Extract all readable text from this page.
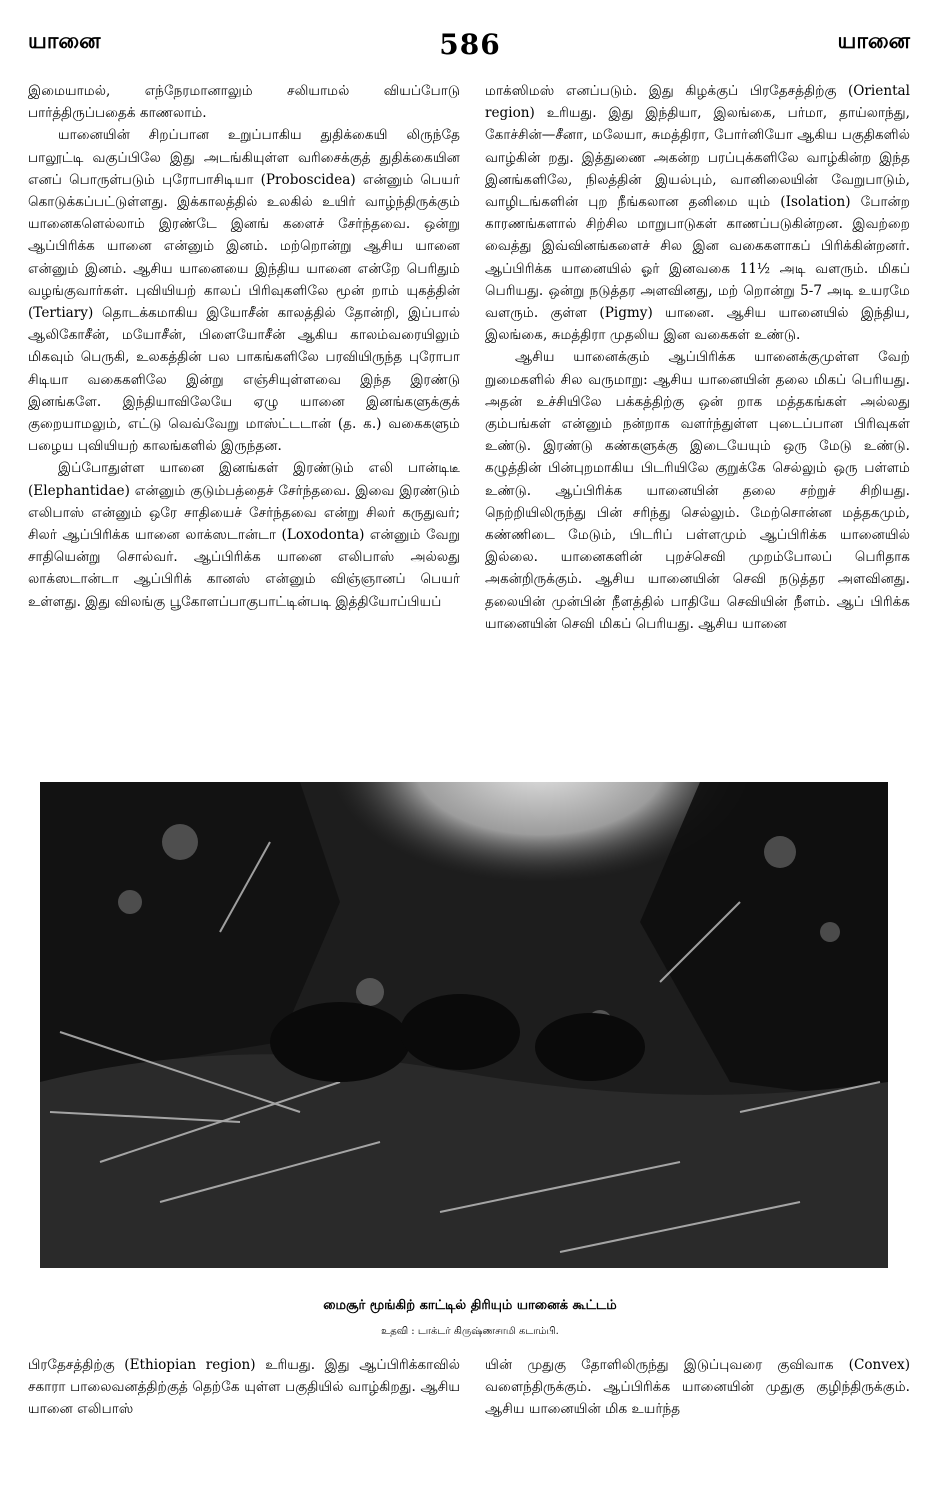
யானை	586	யானை

இமையாமல், எந்நேரமானாலும் சலியாமல் வியப்போடு பார்த்திருப்பதைக் காணலாம்.

யானையின் சிறப்பான உறுப்பாகிய துதிக்கையி லிருந்தே பாலூட்டி வகுப்பிலே இது அடங்கியுள்ள வரிசைக்குத் துதிக்கையின எனப் பொருள்படும் புரோபாசிடியா (Proboscidea) என்னும் பெயர் கொடுக்கப்பட்டுள்ளது. இக்காலத்தில் உலகில் உயிர் வாழ்ந்திருக்கும் யானைகளெல்லாம் இரண்டே இனங் களைச் சேர்ந்தவை. ஒன்று ஆப்பிரிக்க யானை என்னும் இனம். மற்றொன்று ஆசிய யானை என்னும் இனம். ஆசிய யானையை இந்திய யானை என்றே பெரிதும் வழங்குவார்கள். புவியியற் காலப் பிரிவுகளிலே மூன் றாம் யுகத்தின் (Tertiary) தொடக்கமாகிய இயோசீன் காலத்தில் தோன்றி, இப்பால் ஆலிகோசீன், மயோசீன், பிளையோசீன் ஆகிய காலம்வரையிலும் மிகவும் பெருகி, உலகத்தின் பல பாகங்களிலே பரவியிருந்த புரோபா சிடியா வகைகளிலே இன்று எஞ்சியுள்ளவை இந்த இரண்டு இனங்களே. இந்தியாவிலேயே ஏழு யானை இனங்களுக்குக் குறையாமலும், எட்டு வெவ்வேறு மாஸ்ட்டடான் (த. க.) வகைகளும் பழைய புவியியற் காலங்களில் இருந்தன.

இப்போதுள்ள யானை இனங்கள் இரண்டும் எலி பான்டிடீ (Elephantidae) என்னும் குடும்பத்தைச் சேர்ந்தவை. இவை இரண்டும் எலிபாஸ் என்னும் ஒரே சாதியைச் சேர்ந்தவை என்று சிலர் கருதுவர்; சிலர் ஆப்பிரிக்க யானை லாக்ஸடான்டா (Loxodonta) என்னும் வேறு சாதியென்று சொல்வர். ஆப்பிரிக்க யானை எலிபாஸ் அல்லது லாக்ஸடான்டா ஆப்பிரிக் கானஸ் என்னும் விஞ்ஞானப் பெயர் உள்ளது. இது விலங்கு பூகோளப்பாகுபாட்டின்படி இத்தியோப்பியப்

மாக்ஸிமஸ் எனப்படும். இது கிழக்குப் பிரதேசத்திற்கு (Oriental region) உரியது. இது இந்தியா, இலங்கை, பர்மா, தாய்லாந்து, கோச்சின்—சீனா, மலேயா, சுமத்திரா, போர்னியோ ஆகிய பகுதிகளில் வாழ்கின் றது. இத்துணை அகன்ற பரப்புக்களிலே வாழ்கின்ற இந்த இனங்களிலே, நிலத்தின் இயல்பும், வானிலையின் வேறுபாடும், வாழிடங்களின் புற நீங்கலான தனிமை யும் (Isolation) போன்ற காரணங்களால் சிற்சில மாறுபாடுகள் காணப்படுகின்றன. இவற்றை வைத்து இவ்வினங்களைச் சில இன வகைகளாகப் பிரிக்கின்றனர். ஆப்பிரிக்க யானையில் ஓர் இனவகை 11½ அடி வளரும். மிகப் பெரியது. ஒன்று நடுத்தர அளவினது, மற் றொன்று 5-7 அடி உயரமே வளரும். குள்ள (Pigmy) யானை. ஆசிய யானையில் இந்திய, இலங்கை, சுமத்திரா முதலிய இன வகைகள் உண்டு.

ஆசிய யானைக்கும் ஆப்பிரிக்க யானைக்குமுள்ள வேற் றுமைகளில் சில வருமாறு: ஆசிய யானையின் தலை மிகப் பெரியது. அதன் உச்சியிலே பக்கத்திற்கு ஒன் றாக மத்தகங்கள் அல்லது கும்பங்கள் என்னும் நன்றாக வளர்ந்துள்ள புடைப்பான பிரிவுகள் உண்டு. இரண்டு கண்களுக்கு இடையேயும் ஒரு மேடு உண்டு. கழுத்தின் பின்புறமாகிய பிடரியிலே குறுக்கே செல்லும் ஒரு பள்ளம் உண்டு. ஆப்பிரிக்க யானையின் தலை சற்றுச் சிறியது. நெற்றியிலிருந்து பின் சரிந்து செல்லும். மேற்சொன்ன மத்தகமும், கண்ணிடை மேடும், பிடரிப் பள்ளமும் ஆப்பிரிக்க யானையில் இல்லை. யானைகளின் புறச்செவி முறம்போலப் பெரிதாக அகன்றிருக்கும். ஆசிய யானையின் செவி நடுத்தர அளவினது. தலையின் முன்பின் நீளத்தில் பாதியே செவியின் நீளம். ஆப் பிரிக்க யானையின் செவி மிகப் பெரியது. ஆசிய யானை

மைசூர் மூங்கிற் காட்டில் திரியும் யானைக் கூட்டம்
உதவி : டாக்டர் கிருஷ்ணசாமி கடாம்பி.

பிரதேசத்திற்கு (Ethiopian region) உரியது. இது ஆப்பிரிக்காவில் சகாரா பாலைவனத்திற்குத் தெற்கே யுள்ள பகுதியில் வாழ்கிறது. ஆசிய யானை எலிபாஸ்

யின் முதுகு தோளிலிருந்து இடுப்புவரை குவிவாக (Convex) வளைந்திருக்கும். ஆப்பிரிக்க யானையின் முதுகு குழிந்திருக்கும். ஆசிய யானையின் மிக உயர்ந்த
